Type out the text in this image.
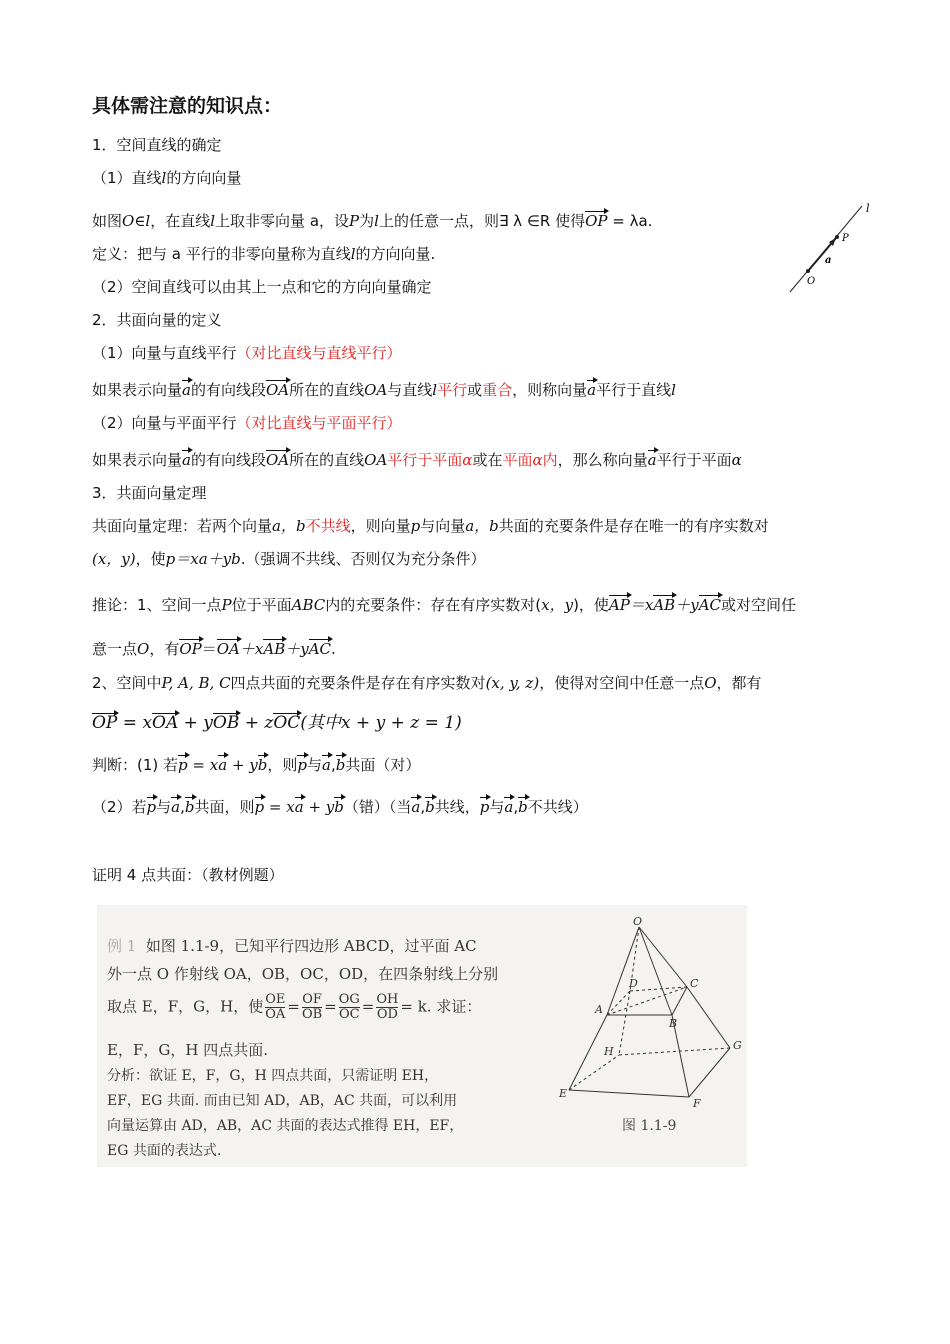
具体需注意的知识点：
1．空间直线的确定
（1）直线l的方向向量
如图O∈l，在直线l上取非零向量 a，设P为l上的任意一点，则∃ λ ∈R 使得OP = λa.
定义：把与 a 平行的非零向量称为直线l的方向向量.
（2）空间直线可以由其上一点和它的方向向量确定
l
P
a
O
2．共面向量的定义
（1）向量与直线平行（对比直线与直线平行）
如果表示向量a的有向线段OA所在的直线OA与直线l平行或重合，则称向量a平行于直线l
（2）向量与平面平行（对比直线与平面平行）
如果表示向量a的有向线段OA所在的直线OA平行于平面α或在平面α内，那么称向量a平行于平面α
3．共面向量定理
共面向量定理：若两个向量a，b不共线，则向量p与向量a，b共面的充要条件是存在唯一的有序实数对
(x，y)，使p＝xa＋yb.（强调不共线、否则仅为充分条件）
推论：1、空间一点P位于平面ABC内的充要条件：存在有序实数对(x，y)，使AP＝xAB＋yAC或对空间任
意一点O，有OP＝OA＋xAB＋yAC.
2、空间中P, A, B, C四点共面的充要条件是存在有序实数对(x, y, z)，使得对空间中任意一点O，都有
OP = xOA + yOB + zOC(其中x + y + z = 1)
判断：(1) 若p = xa + yb，则p与a,b共面（对）
（2）若p与a,b共面，则p = xa + yb（错）（当a,b共线，p与a,b不共线）
证明 4 点共面：（教材例题）
例 1 如图 1.1-9，已知平行四边形 ABCD，过平面 AC
外一点 O 作射线 OA，OB，OC，OD，在四条射线上分别
取点 E，F，G，H，使 $\frac{OE}{OA} = \frac{OF}{OB} = \frac{OG}{OC} = \frac{OH}{OD} = k$. 求证：
E，F，G，H 四点共面.
分析：欲证 E，F，G，H 四点共面，只需证明 EH，
EF，EG 共面. 而由已知 AD，AB，AC 共面，可以利用
向量运算由 AD，AB，AC 共面的表达式推得 EH，EF，
EG 共面的表达式.
O
A
B
C
D
E
F
G
H
图 1.1-9
